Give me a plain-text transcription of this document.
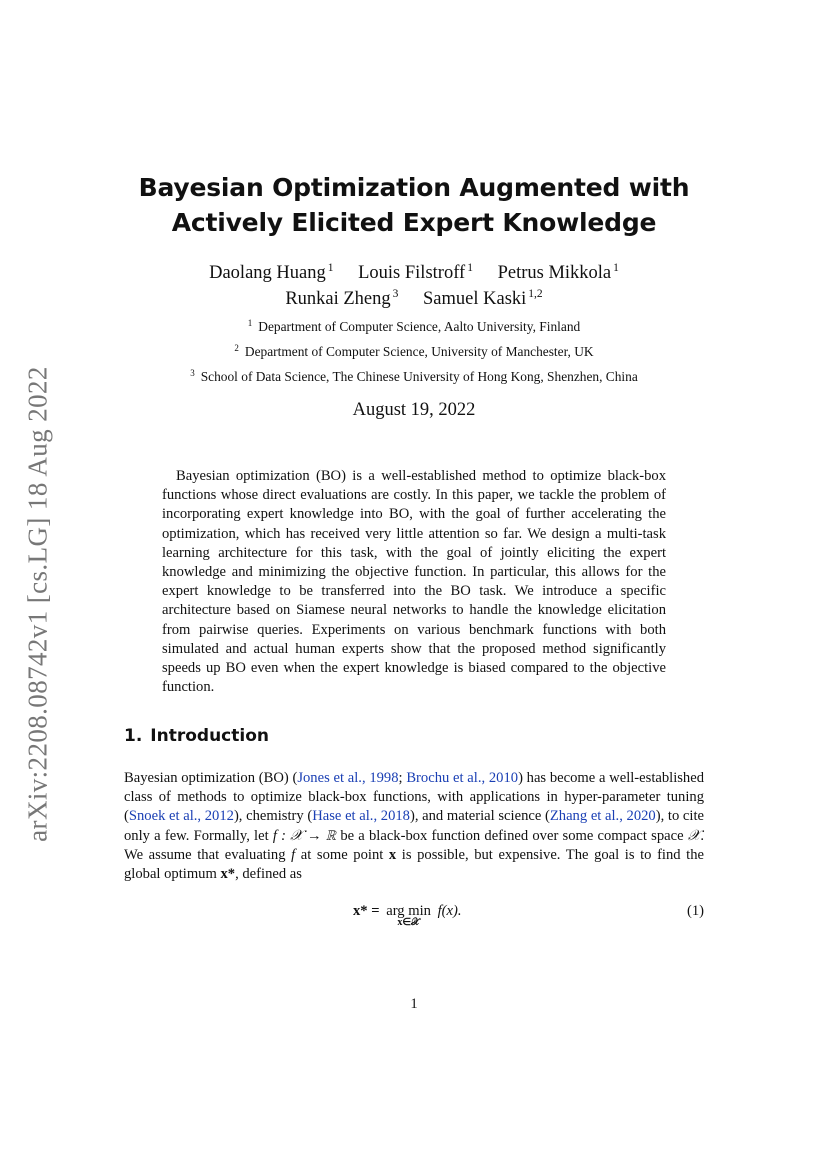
arXiv:2208.08742v1 [cs.LG] 18 Aug 2022
Bayesian Optimization Augmented with
Actively Elicited Expert Knowledge
Daolang Huang $^1$ Louis Filstroff $^1$ Petrus Mikkola $^1$
Runkai Zheng $^3$ Samuel Kaski $^{1,2}$
$^1$ Department of Computer Science, Aalto University, Finland
$^2$ Department of Computer Science, University of Manchester, UK
$^3$ School of Data Science, The Chinese University of Hong Kong, Shenzhen, China
August 19, 2022

Bayesian optimization (BO) is a well-established method to optimize black-box functions whose direct evaluations are costly. In this paper, we tackle the problem of incorporating expert knowledge into BO, with the goal of further accelerating the optimization, which has received very little attention so far. We design a multi-task learning architecture for this task, with the goal of jointly eliciting the expert knowledge and minimizing the objective function. In particular, this allows for the expert knowledge to be transferred into the BO task. We introduce a specific architecture based on Siamese neural networks to handle the knowledge elicitation from pairwise queries. Experiments on various benchmark functions with both simulated and actual human experts show that the proposed method significantly speeds up BO even when the expert knowledge is biased compared to the objective function.

1. Introduction

Bayesian optimization (BO) (Jones et al., 1998; Brochu et al., 2010) has become a well-established class of methods to optimize black-box functions, with applications in hyper-parameter tuning (Snoek et al., 2012), chemistry (Hase et al., 2018), and material science (Zhang et al., 2020), to cite only a few. Formally, let f : 𝒳 → ℝ be a black-box function defined over some compact space 𝒳. We assume that evaluating f at some point x is possible, but expensive. The goal is to find the global optimum x*, defined as

x* = arg min
x∈𝒳
f(x).	(1)
1
